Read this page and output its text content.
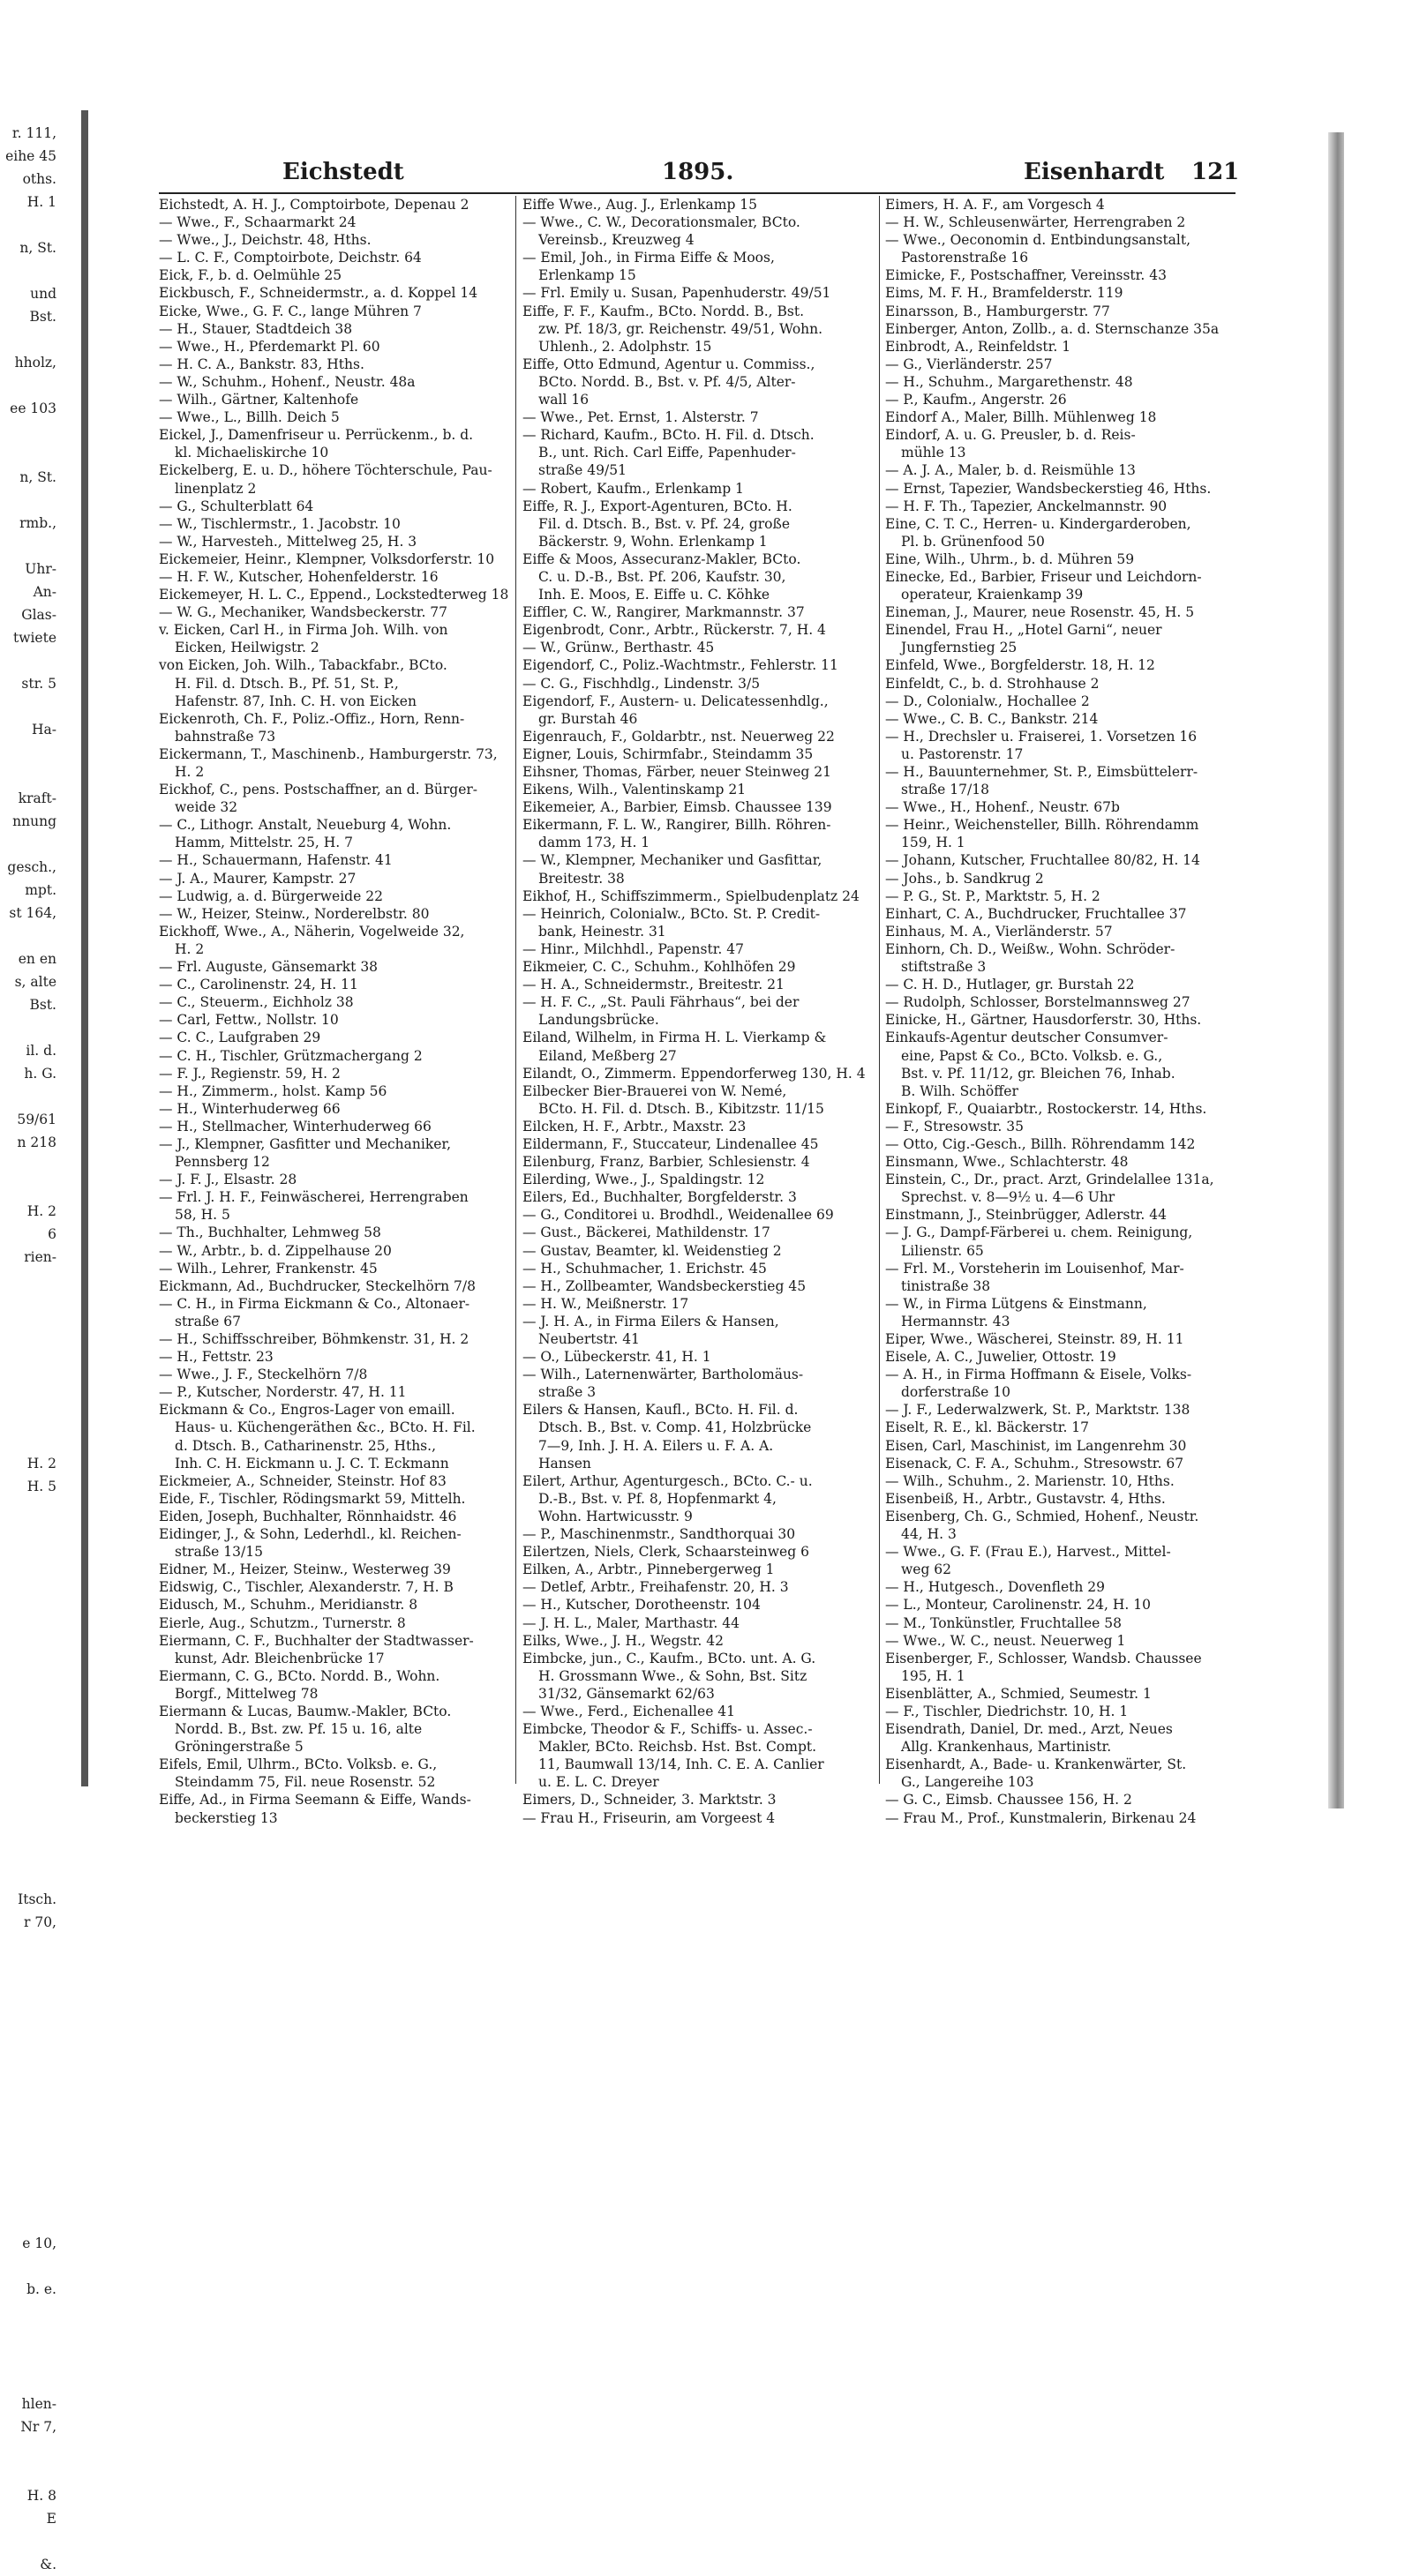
r. 111,
eihe 45
oths.
H. 1
n, St.
und
Bst.
hholz,
ee 103
n, St.
rmb.,
Uhr-
An-
Glas-
twiete
str. 5
Ha-
kraft-
nnung
gesch.,
mpt.
st 164,
en en
s, alte
Bst.
il. d.
h. G.
59/61
n 218
H. 2
6
rien-
H. 2
H. 5
Itsch.
r 70,
e 10,
b. e.
hlen-
Nr 7,
H. 8
E
&.
Eichstedt	1895.	Eisenhardt 121
Eichstedt, A. H. J., Comptoirbote, Depenau 2
— Wwe., F., Schaarmarkt 24
— Wwe., J., Deichstr. 48, Hths.
— L. C. F., Comptoirbote, Deichstr. 64
Eick, F., b. d. Oelmühle 25
Eickbusch, F., Schneidermstr., a. d. Koppel 14
Eicke, Wwe., G. F. C., lange Mühren 7
— H., Stauer, Stadtdeich 38
— Wwe., H., Pferdemarkt Pl. 60
— H. C. A., Bankstr. 83, Hths.
— W., Schuhm., Hohenf., Neustr. 48a
— Wilh., Gärtner, Kaltenhofe
— Wwe., L., Billh. Deich 5
Eickel, J., Damenfriseur u. Perrückenm., b. d.
kl. Michaeliskirche 10
Eickelberg, E. u. D., höhere Töchterschule, Pau-
linenplatz 2
— G., Schulterblatt 64
— W., Tischlermstr., 1. Jacobstr. 10
— W., Harvesteh., Mittelweg 25, H. 3
Eickemeier, Heinr., Klempner, Volksdorferstr. 10
— H. F. W., Kutscher, Hohenfelderstr. 16
Eickemeyer, H. L. C., Eppend., Lockstedterweg 18
— W. G., Mechaniker, Wandsbeckerstr. 77
v. Eicken, Carl H., in Firma Joh. Wilh. von
Eicken, Heilwigstr. 2
von Eicken, Joh. Wilh., Tabackfabr., BCto.
H. Fil. d. Dtsch. B., Pf. 51, St. P.,
Hafenstr. 87, Inh. C. H. von Eicken
Eickenroth, Ch. F., Poliz.-Offiz., Horn, Renn-
bahnstraße 73
Eickermann, T., Maschinenb., Hamburgerstr. 73,
H. 2
Eickhof, C., pens. Postschaffner, an d. Bürger-
weide 32
— C., Lithogr. Anstalt, Neueburg 4, Wohn.
Hamm, Mittelstr. 25, H. 7
— H., Schauermann, Hafenstr. 41
— J. A., Maurer, Kampstr. 27
— Ludwig, a. d. Bürgerweide 22
— W., Heizer, Steinw., Norderelbstr. 80
Eickhoff, Wwe., A., Näherin, Vogelweide 32,
H. 2
— Frl. Auguste, Gänsemarkt 38
— C., Carolinenstr. 24, H. 11
— C., Steuerm., Eichholz 38
— Carl, Fettw., Nollstr. 10
— C. C., Laufgraben 29
— C. H., Tischler, Grützmachergang 2
— F. J., Regienstr. 59, H. 2
— H., Zimmerm., holst. Kamp 56
— H., Winterhuderweg 66
— H., Stellmacher, Winterhuderweg 66
— J., Klempner, Gasfitter und Mechaniker,
Pennsberg 12
— J. F. J., Elsastr. 28
— Frl. J. H. F., Feinwäscherei, Herrengraben
58, H. 5
— Th., Buchhalter, Lehmweg 58
— W., Arbtr., b. d. Zippelhause 20
— Wilh., Lehrer, Frankenstr. 45
Eickmann, Ad., Buchdrucker, Steckelhörn 7/8
— C. H., in Firma Eickmann & Co., Altonaer-
straße 67
— H., Schiffsschreiber, Böhmkenstr. 31, H. 2
— H., Fettstr. 23
— Wwe., J. F., Steckelhörn 7/8
— P., Kutscher, Norderstr. 47, H. 11
Eickmann & Co., Engros-Lager von emaill.
Haus- u. Küchengeräthen &c., BCto. H. Fil.
d. Dtsch. B., Catharinenstr. 25, Hths.,
Inh. C. H. Eickmann u. J. C. T. Eckmann
Eickmeier, A., Schneider, Steinstr. Hof 83
Eide, F., Tischler, Rödingsmarkt 59, Mittelh.
Eiden, Joseph, Buchhalter, Rönnhaidstr. 46
Eidinger, J., & Sohn, Lederhdl., kl. Reichen-
straße 13/15
Eidner, M., Heizer, Steinw., Westerweg 39
Eidswig, C., Tischler, Alexanderstr. 7, H. B
Eidusch, M., Schuhm., Meridianstr. 8
Eierle, Aug., Schutzm., Turnerstr. 8
Eiermann, C. F., Buchhalter der Stadtwasser-
kunst, Adr. Bleichenbrücke 17
Eiermann, C. G., BCto. Nordd. B., Wohn.
Borgf., Mittelweg 78
Eiermann & Lucas, Baumw.-Makler, BCto.
Nordd. B., Bst. zw. Pf. 15 u. 16, alte
Gröningerstraße 5
Eifels, Emil, Ulhrm., BCto. Volksb. e. G.,
Steindamm 75, Fil. neue Rosenstr. 52
Eiffe, Ad., in Firma Seemann & Eiffe, Wands-
beckerstieg 13
Eiffe Wwe., Aug. J., Erlenkamp 15
— Wwe., C. W., Decorationsmaler, BCto.
Vereinsb., Kreuzweg 4
— Emil, Joh., in Firma Eiffe & Moos,
Erlenkamp 15
— Frl. Emily u. Susan, Papenhuderstr. 49/51
Eiffe, F. F., Kaufm., BCto. Nordd. B., Bst.
zw. Pf. 18/3, gr. Reichenstr. 49/51, Wohn.
Uhlenh., 2. Adolphstr. 15
Eiffe, Otto Edmund, Agentur u. Commiss.,
BCto. Nordd. B., Bst. v. Pf. 4/5, Alter-
wall 16
— Wwe., Pet. Ernst, 1. Alsterstr. 7
— Richard, Kaufm., BCto. H. Fil. d. Dtsch.
B., unt. Rich. Carl Eiffe, Papenhuder-
straße 49/51
— Robert, Kaufm., Erlenkamp 1
Eiffe, R. J., Export-Agenturen, BCto. H.
Fil. d. Dtsch. B., Bst. v. Pf. 24, große
Bäckerstr. 9, Wohn. Erlenkamp 1
Eiffe & Moos, Assecuranz-Makler, BCto.
C. u. D.-B., Bst. Pf. 206, Kaufstr. 30,
Inh. E. Moos, E. Eiffe u. C. Köhke
Eiffler, C. W., Rangirer, Markmannstr. 37
Eigenbrodt, Conr., Arbtr., Rückerstr. 7, H. 4
— W., Grünw., Berthastr. 45
Eigendorf, C., Poliz.-Wachtmstr., Fehlerstr. 11
— C. G., Fischhdlg., Lindenstr. 3/5
Eigendorf, F., Austern- u. Delicatessenhdlg.,
gr. Burstah 46
Eigenrauch, F., Goldarbtr., nst. Neuerweg 22
Eigner, Louis, Schirmfabr., Steindamm 35
Eihsner, Thomas, Färber, neuer Steinweg 21
Eikens, Wilh., Valentinskamp 21
Eikemeier, A., Barbier, Eimsb. Chaussee 139
Eikermann, F. L. W., Rangirer, Billh. Röhren-
damm 173, H. 1
— W., Klempner, Mechaniker und Gasfittar,
Breitestr. 38
Eikhof, H., Schiffszimmerm., Spielbudenplatz 24
— Heinrich, Colonialw., BCto. St. P. Credit-
bank, Heinestr. 31
— Hinr., Milchhdl., Papenstr. 47
Eikmeier, C. C., Schuhm., Kohlhöfen 29
— H. A., Schneidermstr., Breitestr. 21
— H. F. C., „St. Pauli Fährhaus“, bei der
Landungsbrücke.
Eiland, Wilhelm, in Firma H. L. Vierkamp &
Eiland, Meßberg 27
Eilandt, O., Zimmerm. Eppendorferweg 130, H. 4
Eilbecker Bier-Brauerei von W. Nemé,
BCto. H. Fil. d. Dtsch. B., Kibitzstr. 11/15
Eilcken, H. F., Arbtr., Maxstr. 23
Eildermann, F., Stuccateur, Lindenallee 45
Eilenburg, Franz, Barbier, Schlesienstr. 4
Eilerding, Wwe., J., Spaldingstr. 12
Eilers, Ed., Buchhalter, Borgfelderstr. 3
— G., Conditorei u. Brodhdl., Weidenallee 69
— Gust., Bäckerei, Mathildenstr. 17
— Gustav, Beamter, kl. Weidenstieg 2
— H., Schuhmacher, 1. Erichstr. 45
— H., Zollbeamter, Wandsbeckerstieg 45
— H. W., Meißnerstr. 17
— J. H. A., in Firma Eilers & Hansen,
Neubertstr. 41
— O., Lübeckerstr. 41, H. 1
— Wilh., Laternenwärter, Bartholomäus-
straße 3
Eilers & Hansen, Kaufl., BCto. H. Fil. d.
Dtsch. B., Bst. v. Comp. 41, Holzbrücke
7—9, Inh. J. H. A. Eilers u. F. A. A.
Hansen
Eilert, Arthur, Agenturgesch., BCto. C.- u.
D.-B., Bst. v. Pf. 8, Hopfenmarkt 4,
Wohn. Hartwicusstr. 9
— P., Maschinenmstr., Sandthorquai 30
Eilertzen, Niels, Clerk, Schaarsteinweg 6
Eilken, A., Arbtr., Pinnebergerweg 1
— Detlef, Arbtr., Freihafenstr. 20, H. 3
— H., Kutscher, Dorotheenstr. 104
— J. H. L., Maler, Marthastr. 44
Eilks, Wwe., J. H., Wegstr. 42
Eimbcke, jun., C., Kaufm., BCto. unt. A. G.
H. Grossmann Wwe., & Sohn, Bst. Sitz
31/32, Gänsemarkt 62/63
— Wwe., Ferd., Eichenallee 41
Eimbcke, Theodor & F., Schiffs- u. Assec.-
Makler, BCto. Reichsb. Hst. Bst. Compt.
11, Baumwall 13/14, Inh. C. E. A. Canlier
u. E. L. C. Dreyer
Eimers, D., Schneider, 3. Marktstr. 3
— Frau H., Friseurin, am Vorgeest 4
Eimers, H. A. F., am Vorgesch 4
— H. W., Schleusenwärter, Herrengraben 2
— Wwe., Oeconomin d. Entbindungsanstalt,
Pastorenstraße 16
Eimicke, F., Postschaffner, Vereinsstr. 43
Eims, M. F. H., Bramfelderstr. 119
Einarsson, B., Hamburgerstr. 77
Einberger, Anton, Zollb., a. d. Sternschanze 35a
Einbrodt, A., Reinfeldstr. 1
— G., Vierländerstr. 257
— H., Schuhm., Margarethenstr. 48
— P., Kaufm., Angerstr. 26
Eindorf A., Maler, Billh. Mühlenweg 18
Eindorf, A. u. G. Preusler, b. d. Reis-
mühle 13
— A. J. A., Maler, b. d. Reismühle 13
— Ernst, Tapezier, Wandsbeckerstieg 46, Hths.
— H. F. Th., Tapezier, Anckelmannstr. 90
Eine, C. T. C., Herren- u. Kindergarderoben,
Pl. b. Grünenfood 50
Eine, Wilh., Uhrm., b. d. Mühren 59
Einecke, Ed., Barbier, Friseur und Leichdorn-
operateur, Kraienkamp 39
Eineman, J., Maurer, neue Rosenstr. 45, H. 5
Einendel, Frau H., „Hotel Garni“, neuer
Jungfernstieg 25
Einfeld, Wwe., Borgfelderstr. 18, H. 12
Einfeldt, C., b. d. Strohhause 2
— D., Colonialw., Hochallee 2
— Wwe., C. B. C., Bankstr. 214
— H., Drechsler u. Fraiserei, 1. Vorsetzen 16
u. Pastorenstr. 17
— H., Bauunternehmer, St. P., Eimsbüttelerr-
straße 17/18
— Wwe., H., Hohenf., Neustr. 67b
— Heinr., Weichensteller, Billh. Röhrendamm
159, H. 1
— Johann, Kutscher, Fruchtallee 80/82, H. 14
— Johs., b. Sandkrug 2
— P. G., St. P., Marktstr. 5, H. 2
Einhart, C. A., Buchdrucker, Fruchtallee 37
Einhaus, M. A., Vierländerstr. 57
Einhorn, Ch. D., Weißw., Wohn. Schröder-
stiftstraße 3
— C. H. D., Hutlager, gr. Burstah 22
— Rudolph, Schlosser, Borstelmannsweg 27
Einicke, H., Gärtner, Hausdorferstr. 30, Hths.
Einkaufs-Agentur deutscher Consumver-
eine, Papst & Co., BCto. Volksb. e. G.,
Bst. v. Pf. 11/12, gr. Bleichen 76, Inhab.
B. Wilh. Schöffer
Einkopf, F., Quaiarbtr., Rostockerstr. 14, Hths.
— F., Stresowstr. 35
— Otto, Cig.-Gesch., Billh. Röhrendamm 142
Einsmann, Wwe., Schlachterstr. 48
Einstein, C., Dr., pract. Arzt, Grindelallee 131a,
Sprechst. v. 8—9½ u. 4—6 Uhr
Einstmann, J., Steinbrügger, Adlerstr. 44
— J. G., Dampf-Färberei u. chem. Reinigung,
Lilienstr. 65
— Frl. M., Vorsteherin im Louisenhof, Mar-
tinistraße 38
— W., in Firma Lütgens & Einstmann,
Hermannstr. 43
Eiper, Wwe., Wäscherei, Steinstr. 89, H. 11
Eisele, A. C., Juwelier, Ottostr. 19
— A. H., in Firma Hoffmann & Eisele, Volks-
dorferstraße 10
— J. F., Lederwalzwerk, St. P., Marktstr. 138
Eiselt, R. E., kl. Bäckerstr. 17
Eisen, Carl, Maschinist, im Langenrehm 30
Eisenack, C. F. A., Schuhm., Stresowstr. 67
— Wilh., Schuhm., 2. Marienstr. 10, Hths.
Eisenbeiß, H., Arbtr., Gustavstr. 4, Hths.
Eisenberg, Ch. G., Schmied, Hohenf., Neustr.
44, H. 3
— Wwe., G. F. (Frau E.), Harvest., Mittel-
weg 62
— H., Hutgesch., Dovenfleth 29
— L., Monteur, Carolinenstr. 24, H. 10
— M., Tonkünstler, Fruchtallee 58
— Wwe., W. C., neust. Neuerweg 1
Eisenberger, F., Schlosser, Wandsb. Chaussee
195, H. 1
Eisenblätter, A., Schmied, Seumestr. 1
— F., Tischler, Diedrichstr. 10, H. 1
Eisendrath, Daniel, Dr. med., Arzt, Neues
Allg. Krankenhaus, Martinistr.
Eisenhardt, A., Bade- u. Krankenwärter, St.
G., Langereihe 103
— G. C., Eimsb. Chaussee 156, H. 2
— Frau M., Prof., Kunstmalerin, Birkenau 24
